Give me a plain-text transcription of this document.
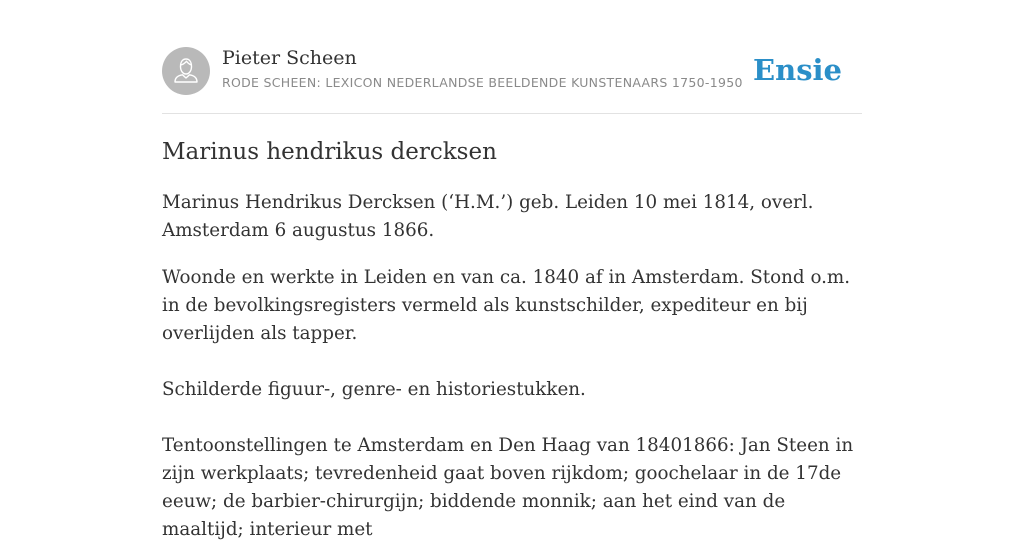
Pieter Scheen
RODE SCHEEN: LEXICON NEDERLANDSE BEELDENDE KUNSTENAARS 1750-1950 Ensie
Marinus hendrikus dercksen

Marinus Hendrikus Dercksen (‘H.M.’) geb. Leiden 10 mei 1814, overl. Amsterdam 6 augustus 1866.

Woonde en werkte in Leiden en van ca. 1840 af in Amsterdam. Stond o.m. in de bevolkingsregisters vermeld als kunstschilder, expediteur en bij overlijden als tapper.

Schilderde figuur-, genre- en historiestukken.

Tentoonstellingen te Amsterdam en Den Haag van 18401866: Jan Steen in zijn werkplaats; tevredenheid gaat boven rijkdom; goochelaar in de 17de eeuw; de barbier-chirurgijn; biddende monnik; aan het eind van de maaltijd; interieur met
